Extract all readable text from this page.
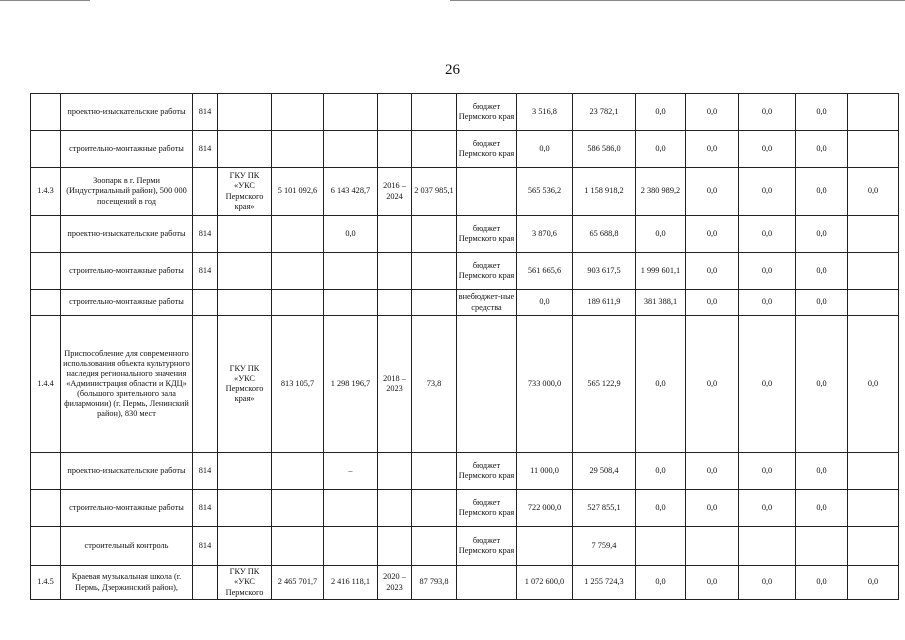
26
	проектно-изыскательские работы	814						бюджет Пермского края	3 516,8	23 782,1	0,0	0,0	0,0	0,0	
	строительно-монтажные работы	814						бюджет Пермского края	0,0	586 586,0	0,0	0,0	0,0	0,0	
1.4.3	Зоопарк в г. Перми (Индустриальный район), 500 000 посещений в год		ГКУ ПК «УКС Пермского края»	5 101 092,6	6 143 428,7	2016 – 2024	2 037 985,1		565 536,2	1 158 918,2	2 380 989,2	0,0	0,0	0,0	0,0
	проектно-изыскательские работы	814			0,0			бюджет Пермского края	3 870,6	65 688,8	0,0	0,0	0,0	0,0	
	строительно-монтажные работы	814						бюджет Пермского края	561 665,6	903 617,5	1 999 601,1	0,0	0,0	0,0	
	строительно-монтажные работы							внебюджет-ные средства	0,0	189 611,9	381 388,1	0,0	0,0	0,0	
1.4.4	Приспособление для современного использования объекта культурного наследия регионального значения «Администрация области и КДЦ» (большого зрительного зала филармонии) (г. Пермь, Ленинский район), 830 мест		ГКУ ПК «УКС Пермского края»	813 105,7	1 298 196,7	2018 – 2023	73,8		733 000,0	565 122,9	0,0	0,0	0,0	0,0	0,0
	проектно-изыскательские работы	814			–			бюджет Пермского края	11 000,0	29 508,4	0,0	0,0	0,0	0,0	
	строительно-монтажные работы	814						бюджет Пермского края	722 000,0	527 855,1	0,0	0,0	0,0	0,0	
	строительный контроль	814						бюджет Пермского края		7 759,4					
1.4.5	Краевая музыкальная школа (г. Пермь, Дзержинский район),		ГКУ ПК «УКС Пермского	2 465 701,7	2 416 118,1	2020 – 2023	87 793,8		1 072 600,0	1 255 724,3	0,0	0,0	0,0	0,0	0,0
